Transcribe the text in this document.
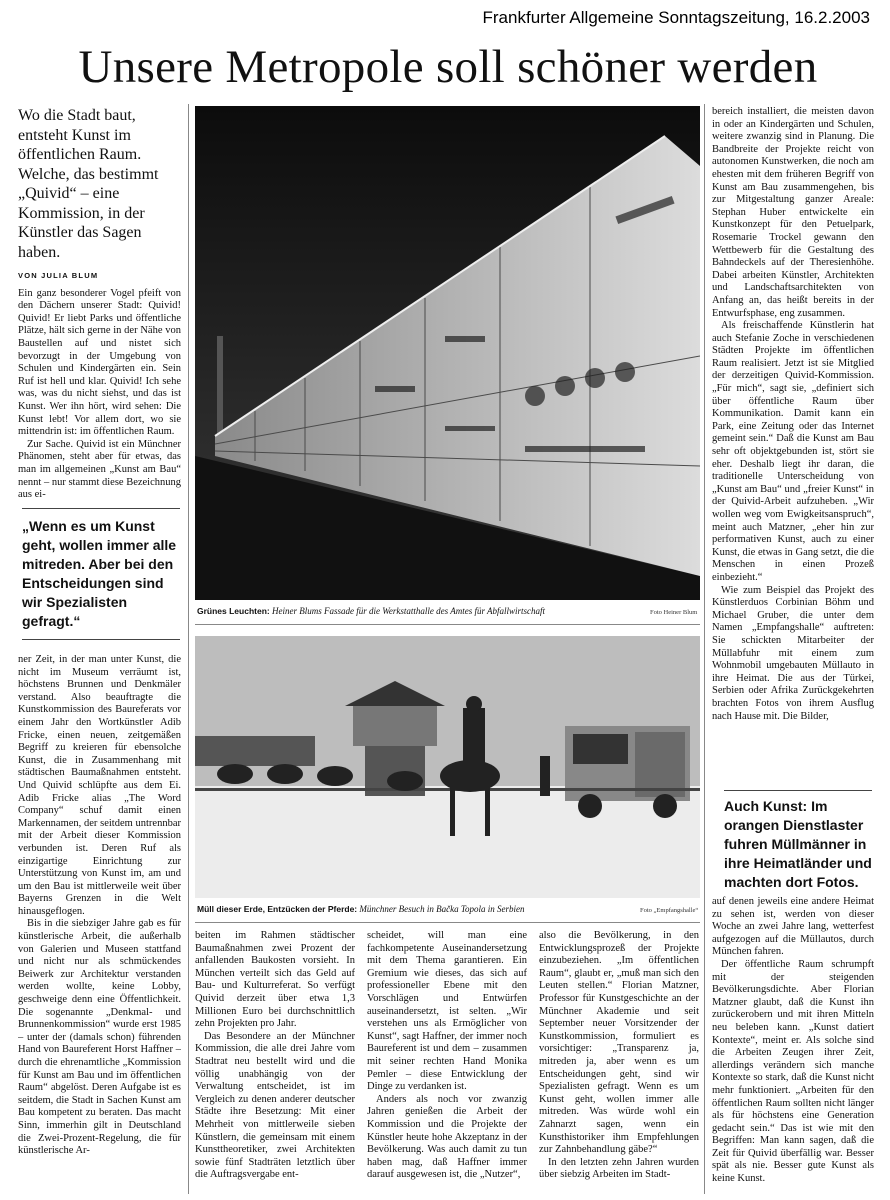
Frankfurter Allgemeine Sonntagszeitung, 16.2.2003
Unsere Metropole soll schöner werden
Wo die Stadt baut, entsteht Kunst im öffentlichen Raum. Welche, das bestimmt „Quivid“ – eine Kommission, in der Künstler das Sagen haben.
VON JULIA BLUM

Ein ganz besonderer Vogel pfeift von den Dächern unserer Stadt: Quivid! Quivid! Er liebt Parks und öffentliche Plätze, hält sich gerne in der Nähe von Baustellen auf und nistet sich bevorzugt in der Umgebung von Schulen und Kindergärten ein. Sein Ruf ist hell und klar. Quivid! Ich sehe was, was du nicht siehst, und das ist Kunst. Wer ihn hört, wird sehen: Die Kunst lebt! Vor allem dort, wo sie mittendrin ist: im öffentlichen Raum.

Zur Sache. Quivid ist ein Münchner Phänomen, steht aber für etwas, das man im allgemeinen „Kunst am Bau“ nennt – nur stammt diese Bezeichnung aus ei-

„Wenn es um Kunst geht, wollen immer alle mitreden. Aber bei den Entscheidungen sind wir Spezialisten gefragt.“

ner Zeit, in der man unter Kunst, die nicht im Museum verräumt ist, höchstens Brunnen und Denkmäler verstand. Also beauftragte die Kunstkommission des Baureferats vor einem Jahr den Wortkünstler Adib Fricke, einen neuen, zeitgemäßen Begriff zu kreieren für ebensolche Kunst, die in Zusammenhang mit städtischen Baumaßnahmen entsteht. Und Quivid schlüpfte aus dem Ei. Adib Fricke alias „The Word Company“ schuf damit einen Markennamen, der seitdem untrennbar mit der Arbeit dieser Kommission verbunden ist. Deren Ruf als einzigartige Einrichtung zur Unterstützung von Kunst im, am und um den Bau ist mittlerweile weit über Bayerns Grenzen in die Welt hinausgeflogen.

Bis in die siebziger Jahre gab es für künstlerische Arbeit, die außerhalb von Galerien und Museen stattfand und nicht nur als schmückendes Beiwerk zur Architektur verstanden werden wollte, keine Lobby, geschweige denn eine Öffentlichkeit. Die sogenannte „Denkmal- und Brunnenkommission“ wurde erst 1985 – unter der (damals schon) führenden Hand von Baureferent Horst Haffner – durch die ehrenamtliche „Kommission für Kunst am Bau und im öffentlichen Raum“ abgelöst. Deren Aufgabe ist es seitdem, die Stadt in Sachen Kunst am Bau kompetent zu beraten. Das macht Sinn, immerhin gilt in Deutschland die Zwei-Prozent-Regelung, die für künstlerische Ar-

Grünes Leuchten: Heiner Blums Fassade für die Werkstatthalle des Amtes für Abfallwirtschaft	Foto Heiner Blum
Müll dieser Erde, Entzücken der Pferde: Münchner Besuch in Bačka Topola in Serbien	Foto „Empfangshalle“

beiten im Rahmen städtischer Baumaßnahmen zwei Prozent der anfallenden Baukosten vorsieht. In München verteilt sich das Geld auf Bau- und Kulturreferat. So verfügt Quivid derzeit über etwa 1,3 Millionen Euro bei durchschnittlich zehn Projekten pro Jahr.

Das Besondere an der Münchner Kommission, die alle drei Jahre vom Stadtrat neu bestellt wird und die völlig unabhängig von der Verwaltung entscheidet, ist im Vergleich zu denen anderer deutscher Städte ihre Besetzung: Mit einer Mehrheit von mittlerweile sieben Künstlern, die gemeinsam mit einem Kunsttheoretiker, zwei Architekten sowie fünf Stadträten letztlich über die Auftragsvergabe ent-

scheidet, will man eine fachkompetente Auseinandersetzung mit dem Thema garantieren. Ein Gremium wie dieses, das sich auf professioneller Ebene mit den Vorschlägen und Entwürfen auseinandersetzt, ist selten. „Wir verstehen uns als Ermöglicher von Kunst“, sagt Haffner, der immer noch Baureferent ist und dem – zusammen mit seiner rechten Hand Monika Pemler – diese Entwicklung der Dinge zu verdanken ist.

Anders als noch vor zwanzig Jahren genießen die Arbeit der Kommission und die Projekte der Künstler heute hohe Akzeptanz in der Bevölkerung. Was auch damit zu tun haben mag, daß Haffner immer darauf ausgewesen ist, die „Nutzer“,

also die Bevölkerung, in den Entwicklungsprozeß der Projekte einzubeziehen. „Im öffentlichen Raum“, glaubt er, „muß man sich den Leuten stellen.“ Florian Matzner, Professor für Kunstgeschichte an der Münchner Akademie und seit September neuer Vorsitzender der Kunstkommission, formuliert es vorsichtiger: „Transparenz ja, mitreden ja, aber wenn es um Entscheidungen geht, sind wir Spezialisten gefragt. Wenn es um Kunst geht, wollen immer alle mitreden. Was würde wohl ein Zahnarzt sagen, wenn ein Kunsthistoriker ihm Empfehlungen zur Zahnbehandlung gäbe?“

In den letzten zehn Jahren wurden über siebzig Arbeiten im Stadt-

bereich installiert, die meisten davon in oder an Kindergärten und Schulen, weitere zwanzig sind in Planung. Die Bandbreite der Projekte reicht von autonomen Kunstwerken, die noch am ehesten mit dem früheren Begriff von Kunst am Bau zusammengehen, bis zur Mitgestaltung ganzer Areale: Stephan Huber entwickelte ein Kunstkonzept für den Petuelpark, Rosemarie Trockel gewann den Wettbewerb für die Gestaltung des Bahndeckels auf der Theresienhöhe. Dabei arbeiten Künstler, Architekten und Landschaftsarchitekten von Anfang an, das heißt bereits in der Entwurfsphase, eng zusammen.

Als freischaffende Künstlerin hat auch Stefanie Zoche in verschiedenen Städten Projekte im öffentlichen Raum realisiert. Jetzt ist sie Mitglied der derzeitigen Quivid-Kommission. „Für mich“, sagt sie, „definiert sich über öffentliche Raum über Kommunikation. Damit kann ein Park, eine Zeitung oder das Internet gemeint sein.“ Daß die Kunst am Bau sehr oft objektgebunden ist, stört sie eher. Deshalb liegt ihr daran, die traditionelle Unterscheidung von „Kunst am Bau“ und „freier Kunst“ in der Quivid-Arbeit aufzuheben. „Wir wollen weg vom Ewigkeitsanspruch“, meint auch Matzner, „eher hin zur performativen Kunst, auch zu einer Kunst, die etwas in Gang setzt, die die Menschen in einen Prozeß einbezieht.“

Wie zum Beispiel das Projekt des Künstlerduos Corbinian Böhm und Michael Gruber, die unter dem Namen „Empfangshalle“ auftreten: Sie schickten Mitarbeiter der Müllabfuhr mit einem zum Wohnmobil umgebauten Müllauto in ihre Heimat. Die aus der Türkei, Serbien oder Afrika Zurückgekehrten brachten Fotos von ihrem Ausflug nach Hause mit. Die Bilder,

Auch Kunst: Im orangen Dienstlaster fuhren Müllmänner in ihre Heimatländer und machten dort Fotos.

auf denen jeweils eine andere Heimat zu sehen ist, werden von dieser Woche an zwei Jahre lang, wetterfest aufgezogen auf die Müllautos, durch München fahren.

Der öffentliche Raum schrumpft mit der steigenden Bevölkerungsdichte. Aber Florian Matzner glaubt, daß die Kunst ihn zurückerobern und mit ihren Mitteln neu beleben kann. „Kunst datiert Kontexte“, meint er. Als solche sind die Arbeiten Zeugen ihrer Zeit, allerdings verändern sich manche Kontexte so stark, daß die Kunst nicht mehr funktioniert. „Arbeiten für den öffentlichen Raum sollten nicht länger als für höchstens eine Generation gedacht sein.“ Das ist wie mit den Begriffen: Man kann sagen, daß die Zeit für Quivid überfällig war. Besser spät als nie. Besser gute Kunst als keine Kunst.
